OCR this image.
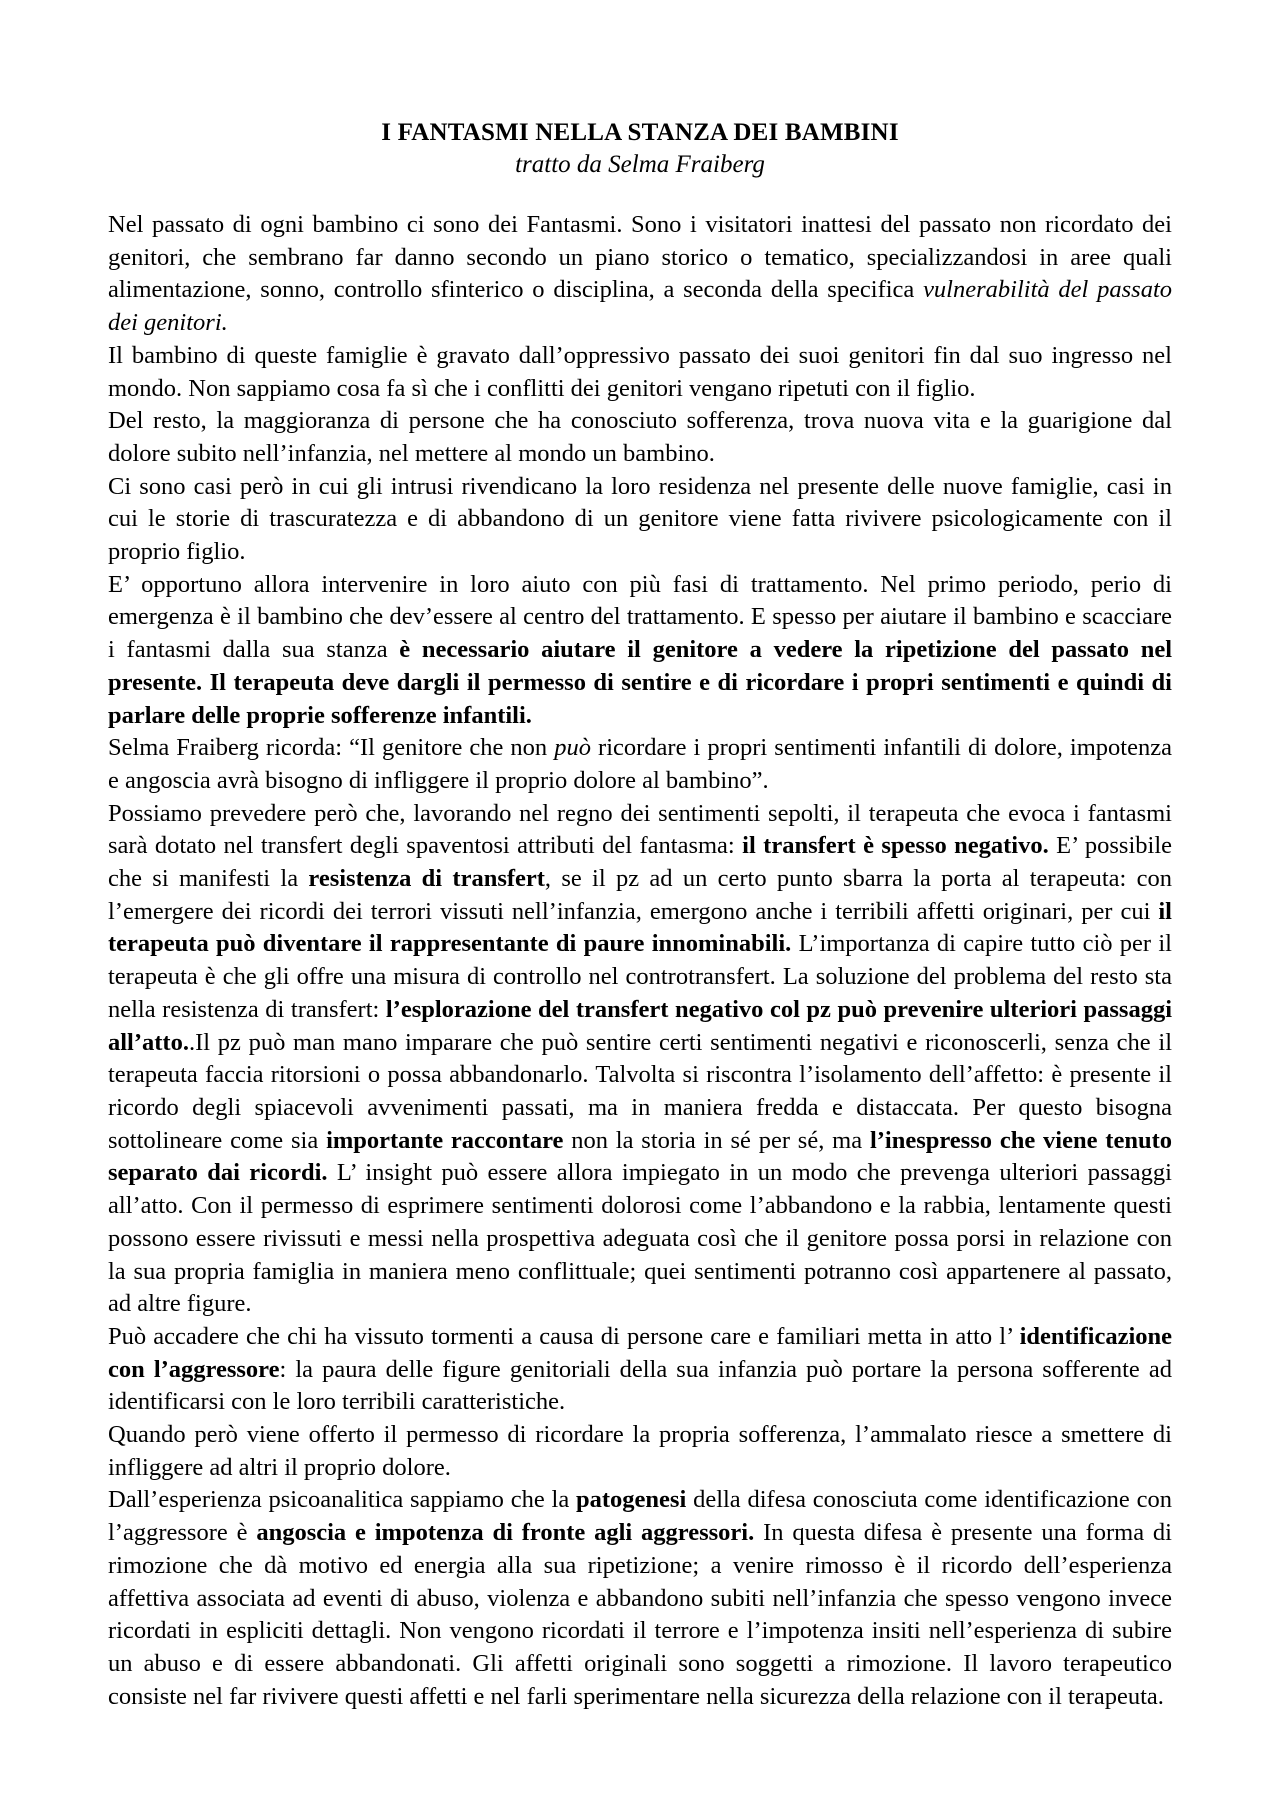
I FANTASMI NELLA STANZA DEI BAMBINI
tratto da Selma Fraiberg

Nel passato di ogni bambino ci sono dei Fantasmi. Sono i visitatori inattesi del passato non ricordato dei genitori, che sembrano far danno secondo un piano storico o tematico, specializzandosi in aree quali alimentazione, sonno, controllo sfinterico o disciplina, a seconda della specifica vulnerabilità del passato dei genitori.

Il bambino di queste famiglie è gravato dall’oppressivo passato dei suoi genitori fin dal suo ingresso nel mondo. Non sappiamo cosa fa sì che i conflitti dei genitori vengano ripetuti con il figlio.

Del resto, la maggioranza di persone che ha conosciuto sofferenza, trova nuova vita e la guarigione dal dolore subito nell’infanzia, nel mettere al mondo un bambino.

Ci sono casi però in cui gli intrusi rivendicano la loro residenza nel presente delle nuove famiglie, casi in cui le storie di trascuratezza e di abbandono di un genitore viene fatta rivivere psicologicamente con il proprio figlio.

E’ opportuno allora intervenire in loro aiuto con più fasi di trattamento. Nel primo periodo, perio di emergenza è il bambino che dev’essere al centro del trattamento. E spesso per aiutare il bambino e scacciare i fantasmi dalla sua stanza è necessario aiutare il genitore a vedere la ripetizione del passato nel presente. Il terapeuta deve dargli il permesso di sentire e di ricordare i propri sentimenti e quindi di parlare delle proprie sofferenze infantili.

Selma Fraiberg ricorda: “Il genitore che non può ricordare i propri sentimenti infantili di dolore, impotenza e angoscia avrà bisogno di infliggere il proprio dolore al bambino”.

Possiamo prevedere però che, lavorando nel regno dei sentimenti sepolti, il terapeuta che evoca i fantasmi sarà dotato nel transfert degli spaventosi attributi del fantasma: il transfert è spesso negativo. E’ possibile che si manifesti la resistenza di transfert, se il pz ad un certo punto sbarra la porta al terapeuta: con l’emergere dei ricordi dei terrori vissuti nell’infanzia, emergono anche i terribili affetti originari, per cui il terapeuta può diventare il rappresentante di paure innominabili. L’importanza di capire tutto ciò per il terapeuta è che gli offre una misura di controllo nel controtransfert. La soluzione del problema del resto sta nella resistenza di transfert: l’esplorazione del transfert negativo col pz può prevenire ulteriori passaggi all’atto..Il pz può man mano imparare che può sentire certi sentimenti negativi e riconoscerli, senza che il terapeuta faccia ritorsioni o possa abbandonarlo. Talvolta si riscontra l’isolamento dell’affetto: è presente il ricordo degli spiacevoli avvenimenti passati, ma in maniera fredda e distaccata. Per questo bisogna sottolineare come sia importante raccontare non la storia in sé per sé, ma l’inespresso che viene tenuto separato dai ricordi. L’ insight può essere allora impiegato in un modo che prevenga ulteriori passaggi all’atto. Con il permesso di esprimere sentimenti dolorosi come l’abbandono e la rabbia, lentamente questi possono essere rivissuti e messi nella prospettiva adeguata così che il genitore possa porsi in relazione con la sua propria famiglia in maniera meno conflittuale; quei sentimenti potranno così appartenere al passato, ad altre figure.

Può accadere che chi ha vissuto tormenti a causa di persone care e familiari metta in atto l’ identificazione con l’aggressore: la paura delle figure genitoriali della sua infanzia può portare la persona sofferente ad identificarsi con le loro terribili caratteristiche.

Quando però viene offerto il permesso di ricordare la propria sofferenza, l’ammalato riesce a smettere di infliggere ad altri il proprio dolore.

Dall’esperienza psicoanalitica sappiamo che la patogenesi della difesa conosciuta come identificazione con l’aggressore è angoscia e impotenza di fronte agli aggressori. In questa difesa è presente una forma di rimozione che dà motivo ed energia alla sua ripetizione; a venire rimosso è il ricordo dell’esperienza affettiva associata ad eventi di abuso, violenza e abbandono subiti nell’infanzia che spesso vengono invece ricordati in espliciti dettagli. Non vengono ricordati il terrore e l’impotenza insiti nell’esperienza di subire un abuso e di essere abbandonati. Gli affetti originali sono soggetti a rimozione. Il lavoro terapeutico consiste nel far rivivere questi affetti e nel farli sperimentare nella sicurezza della relazione con il terapeuta.
